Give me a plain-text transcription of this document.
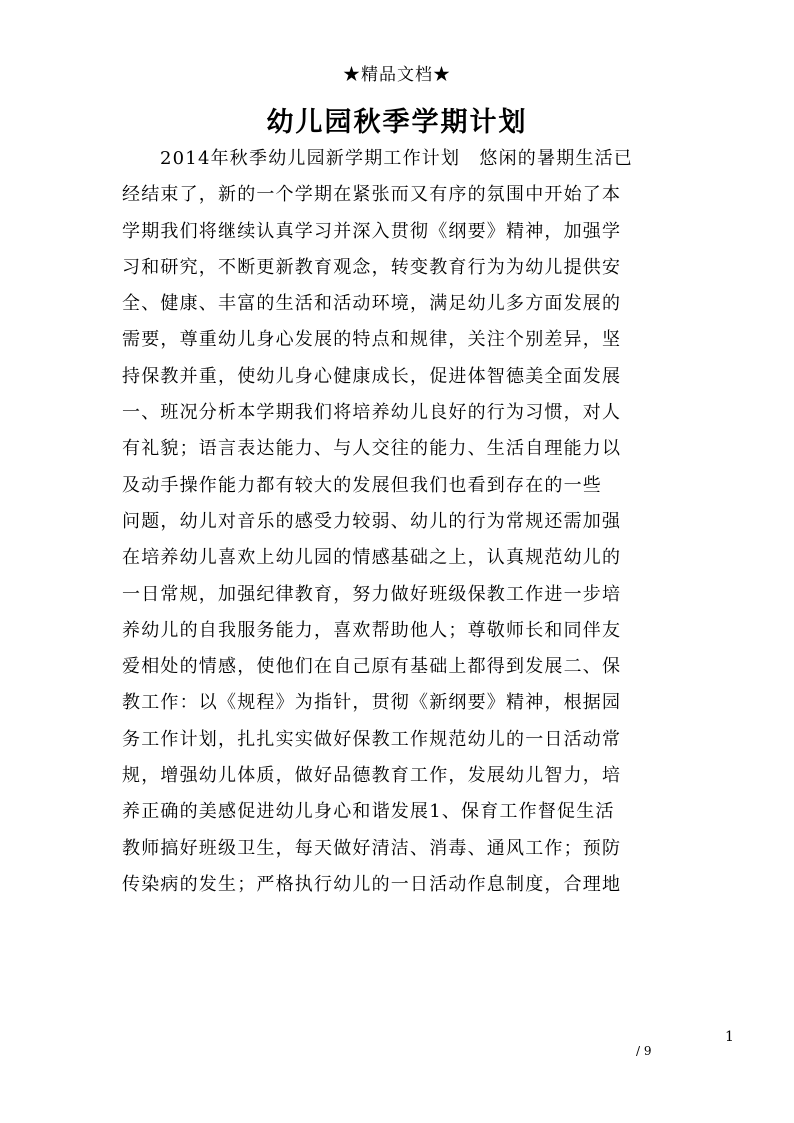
★精品文档★
幼儿园秋季学期计划

2014年秋季幼儿园新学期工作计划　悠闲的暑期生活已
经结束了，新的一个学期在紧张而又有序的氛围中开始了本
学期我们将继续认真学习并深入贯彻《纲要》精神，加强学
习和研究，不断更新教育观念，转变教育行为为幼儿提供安
全、健康、丰富的生活和活动环境，满足幼儿多方面发展的
需要，尊重幼儿身心发展的特点和规律，关注个别差异，坚
持保教并重，使幼儿身心健康成长，促进体智德美全面发展
一、班况分析本学期我们将培养幼儿良好的行为习惯，对人
有礼貌；语言表达能力、与人交往的能力、生活自理能力以
及动手操作能力都有较大的发展但我们也看到存在的一些
问题，幼儿对音乐的感受力较弱、幼儿的行为常规还需加强
在培养幼儿喜欢上幼儿园的情感基础之上，认真规范幼儿的
一日常规，加强纪律教育，努力做好班级保教工作进一步培
养幼儿的自我服务能力，喜欢帮助他人；尊敬师长和同伴友
爱相处的情感，使他们在自己原有基础上都得到发展二、保
教工作：以《规程》为指针，贯彻《新纲要》精神，根据园
务工作计划，扎扎实实做好保教工作规范幼儿的一日活动常
规，增强幼儿体质，做好品德教育工作，发展幼儿智力，培
养正确的美感促进幼儿身心和谐发展1、保育工作督促生活
教师搞好班级卫生，每天做好清洁、消毒、通风工作；预防
传染病的发生；严格执行幼儿的一日活动作息制度，合理地

1
/ 9
